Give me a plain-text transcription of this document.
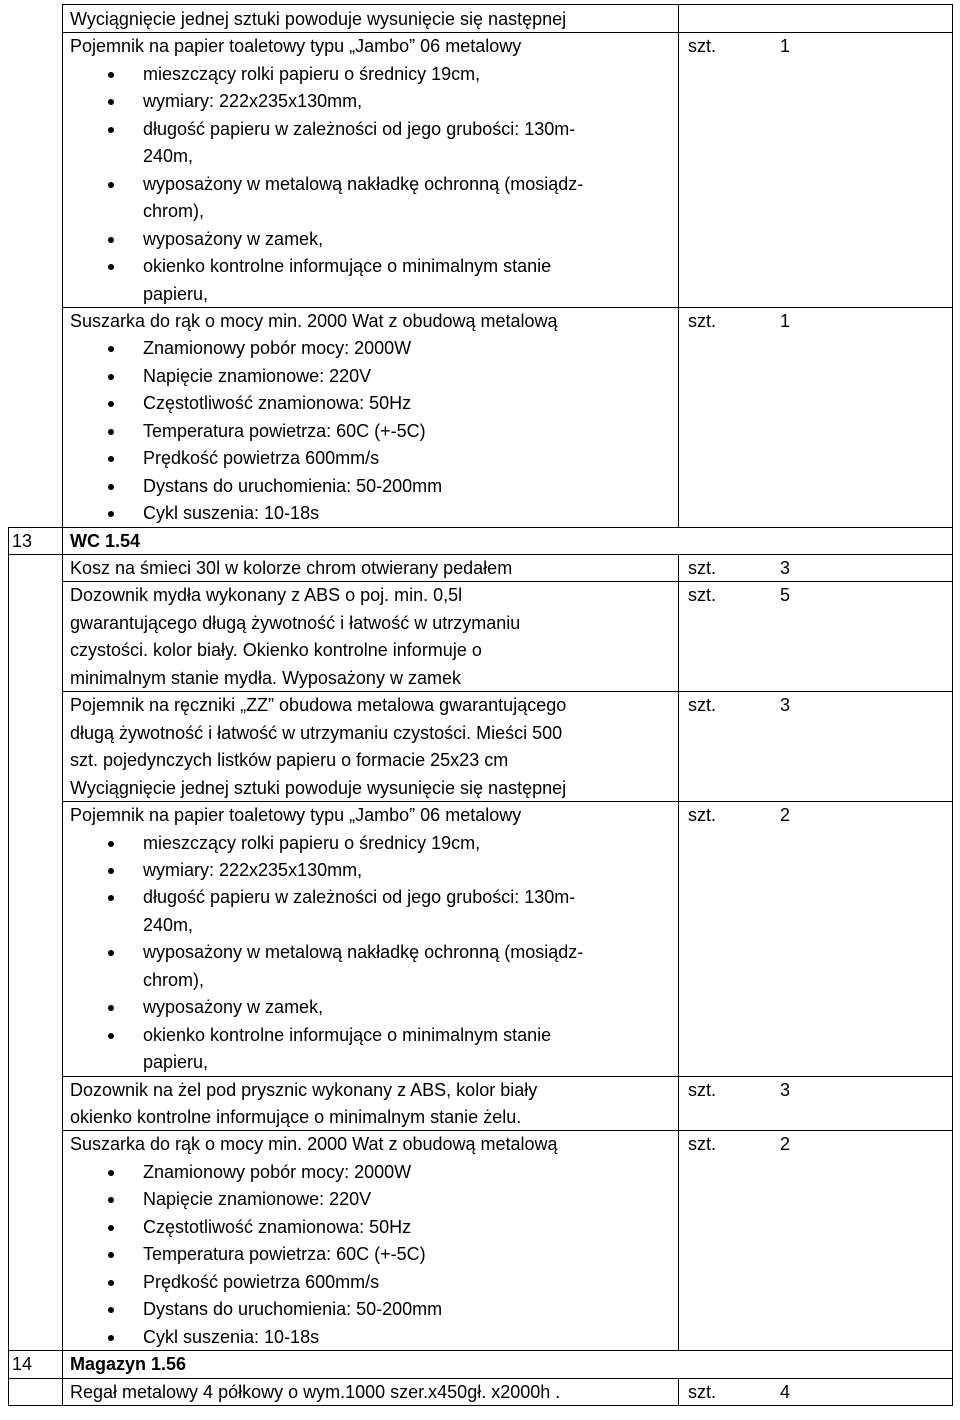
Wyciągnięcie jednej sztuki powoduje wysunięcie się następnej
Pojemnik na papier toaletowy typu „Jambo” 06 metalowy	szt.	1
mieszczący rolki papieru o średnicy 19cm,
wymiary: 222x235x130mm,
długość papieru w zależności od jego grubości: 130m-
240m,
wyposażony w metalową nakładkę ochronną (mosiądz-
chrom),
wyposażony w zamek,
okienko kontrolne informujące o minimalnym stanie
papieru,
Suszarka do rąk o mocy min. 2000 Wat z obudową metalową	szt.	1
Znamionowy pobór mocy: 2000W
Napięcie znamionowe: 220V
Częstotliwość znamionowa: 50Hz
Temperatura powietrza: 60C (+-5C)
Prędkość powietrza 600mm/s
Dystans do uruchomienia: 50-200mm
Cykl suszenia: 10-18s
13 WC 1.54
Kosz na śmieci 30l w kolorze chrom otwierany pedałem	szt.	3
Dozownik mydła wykonany z ABS o poj. min. 0,5l	szt.	5
gwarantującego długą żywotność i łatwość w utrzymaniu
czystości. kolor biały. Okienko kontrolne informuje o
minimalnym stanie mydła. Wyposażony w zamek
Pojemnik na ręczniki „ZZ” obudowa metalowa gwarantującego	szt.	3
długą żywotność i łatwość w utrzymaniu czystości. Mieści 500
szt. pojedynczych listków papieru o formacie 25x23 cm
Wyciągnięcie jednej sztuki powoduje wysunięcie się następnej
Pojemnik na papier toaletowy typu „Jambo” 06 metalowy	szt.	2
mieszczący rolki papieru o średnicy 19cm,
wymiary: 222x235x130mm,
długość papieru w zależności od jego grubości: 130m-
240m,
wyposażony w metalową nakładkę ochronną (mosiądz-
chrom),
wyposażony w zamek,
okienko kontrolne informujące o minimalnym stanie
papieru,
Dozownik na żel pod prysznic wykonany z ABS, kolor biały	szt.	3
okienko kontrolne informujące o minimalnym stanie żelu.
Suszarka do rąk o mocy min. 2000 Wat z obudową metalową	szt.	2
Znamionowy pobór mocy: 2000W
Napięcie znamionowe: 220V
Częstotliwość znamionowa: 50Hz
Temperatura powietrza: 60C (+-5C)
Prędkość powietrza 600mm/s
Dystans do uruchomienia: 50-200mm
Cykl suszenia: 10-18s
14 Magazyn 1.56
Regał metalowy 4 półkowy o wym.1000 szer.x450gł. x2000h .	szt.	4
